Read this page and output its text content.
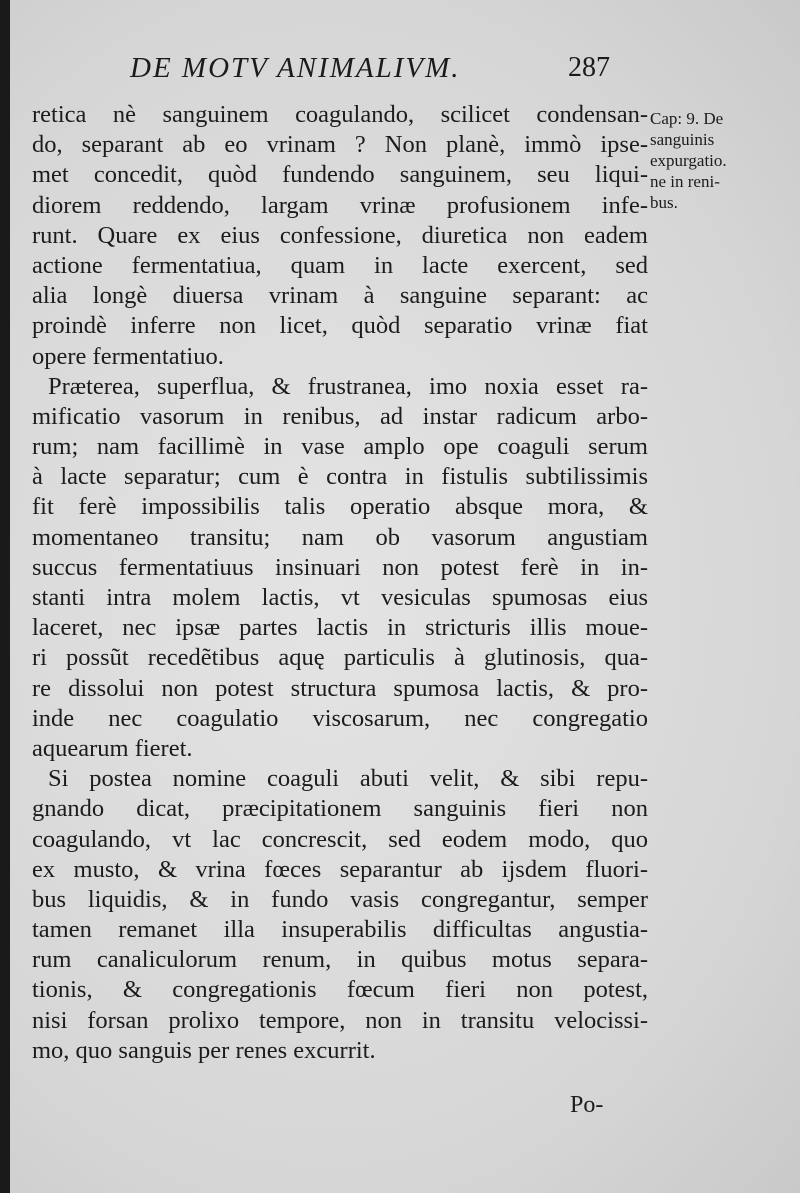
DE MOTV ANIMALIVM.	287
retica nè sanguinem coagulando, scilicet condensan-
do, separant ab eo vrinam ? Non planè, immò ipse-
met concedit, quòd fundendo sanguinem, seu liqui-
diorem reddendo, largam vrinæ profusionem infe-
runt. Quare ex eius confessione, diuretica non eadem
actione fermentatiua, quam in lacte exercent, sed
alia longè diuersa vrinam à sanguine separant: ac
proindè inferre non licet, quòd separatio vrinæ fiat
opere fermentatiuo.
Præterea, superflua, & frustranea, imo noxia esset ra-
mificatio vasorum in renibus, ad instar radicum arbo-
rum; nam facillimè in vase amplo ope coaguli serum
à lacte separatur; cum è contra in fistulis subtilissimis
fit ferè impossibilis talis operatio absque mora, &
momentaneo transitu; nam ob vasorum angustiam
succus fermentatiuus insinuari non potest ferè in in-
stanti intra molem lactis, vt vesiculas spumosas eius
laceret, nec ipsæ partes lactis in stricturis illis moue-
ri possũt recedẽtibus aquę particulis à glutinosis, qua-
re dissolui non potest structura spumosa lactis, & pro-
inde nec coagulatio viscosarum, nec congregatio
aquearum fieret.
Si postea nomine coaguli abuti velit, & sibi repu-
gnando dicat, præcipitationem sanguinis fieri non
coagulando, vt lac concrescit, sed eodem modo, quo
ex musto, & vrina fœces separantur ab ijsdem fluori-
bus liquidis, & in fundo vasis congregantur, semper
tamen remanet illa insuperabilis difficultas angustia-
rum canaliculorum renum, in quibus motus separa-
tionis, & congregationis fœcum fieri non potest,
nisi forsan prolixo tempore, non in transitu velocissi-
mo, quo sanguis per renes excurrit.
Cap: 9. De
sanguinis
expurgatio.
ne in reni-
bus.
Po-
